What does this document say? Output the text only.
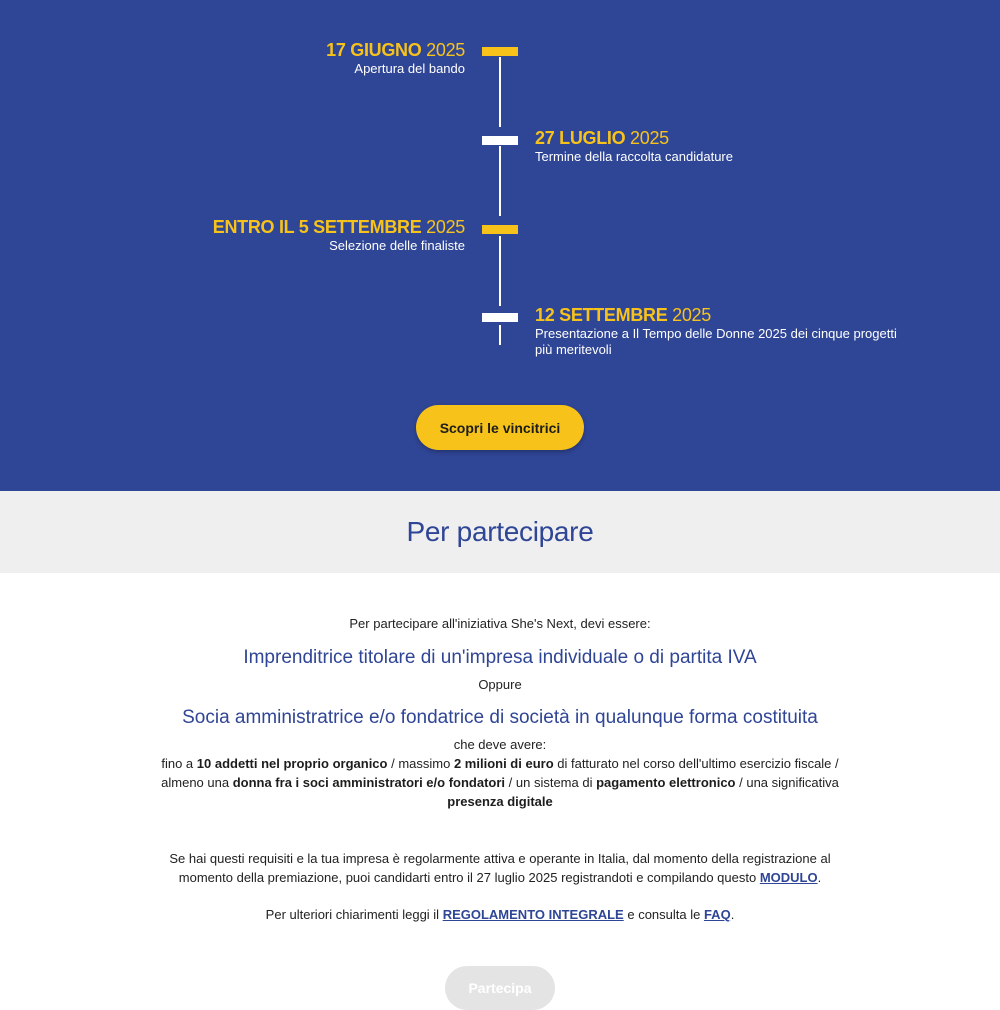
17 GIUGNO 2025
Apertura del bando
27 LUGLIO 2025
Termine della raccolta candidature
ENTRO IL 5 SETTEMBRE 2025
Selezione delle finaliste
12 SETTEMBRE 2025
Presentazione a Il Tempo delle Donne 2025 dei cinque progetti
più meritevoli
Scopri le vincitrici
Per partecipare

Per partecipare all'iniziativa She's Next, devi essere:

Imprenditrice titolare di un'impresa individuale o di partita IVA

Oppure

Socia amministratrice e/o fondatrice di società in qualunque forma costituita

che deve avere:

fino a 10 addetti nel proprio organico / massimo 2 milioni di euro di fatturato nel corso dell'ultimo esercizio fiscale /

almeno una donna fra i soci amministratori e/o fondatori / un sistema di pagamento elettronico / una significativa

presenza digitale

Se hai questi requisiti e la tua impresa è regolarmente attiva e operante in Italia, dal momento della registrazione al

momento della premiazione, puoi candidarti entro il 27 luglio 2025 registrandoti e compilando questo MODULO.

Per ulteriori chiarimenti leggi il REGOLAMENTO INTEGRALE e consulta le FAQ.

Partecipa
